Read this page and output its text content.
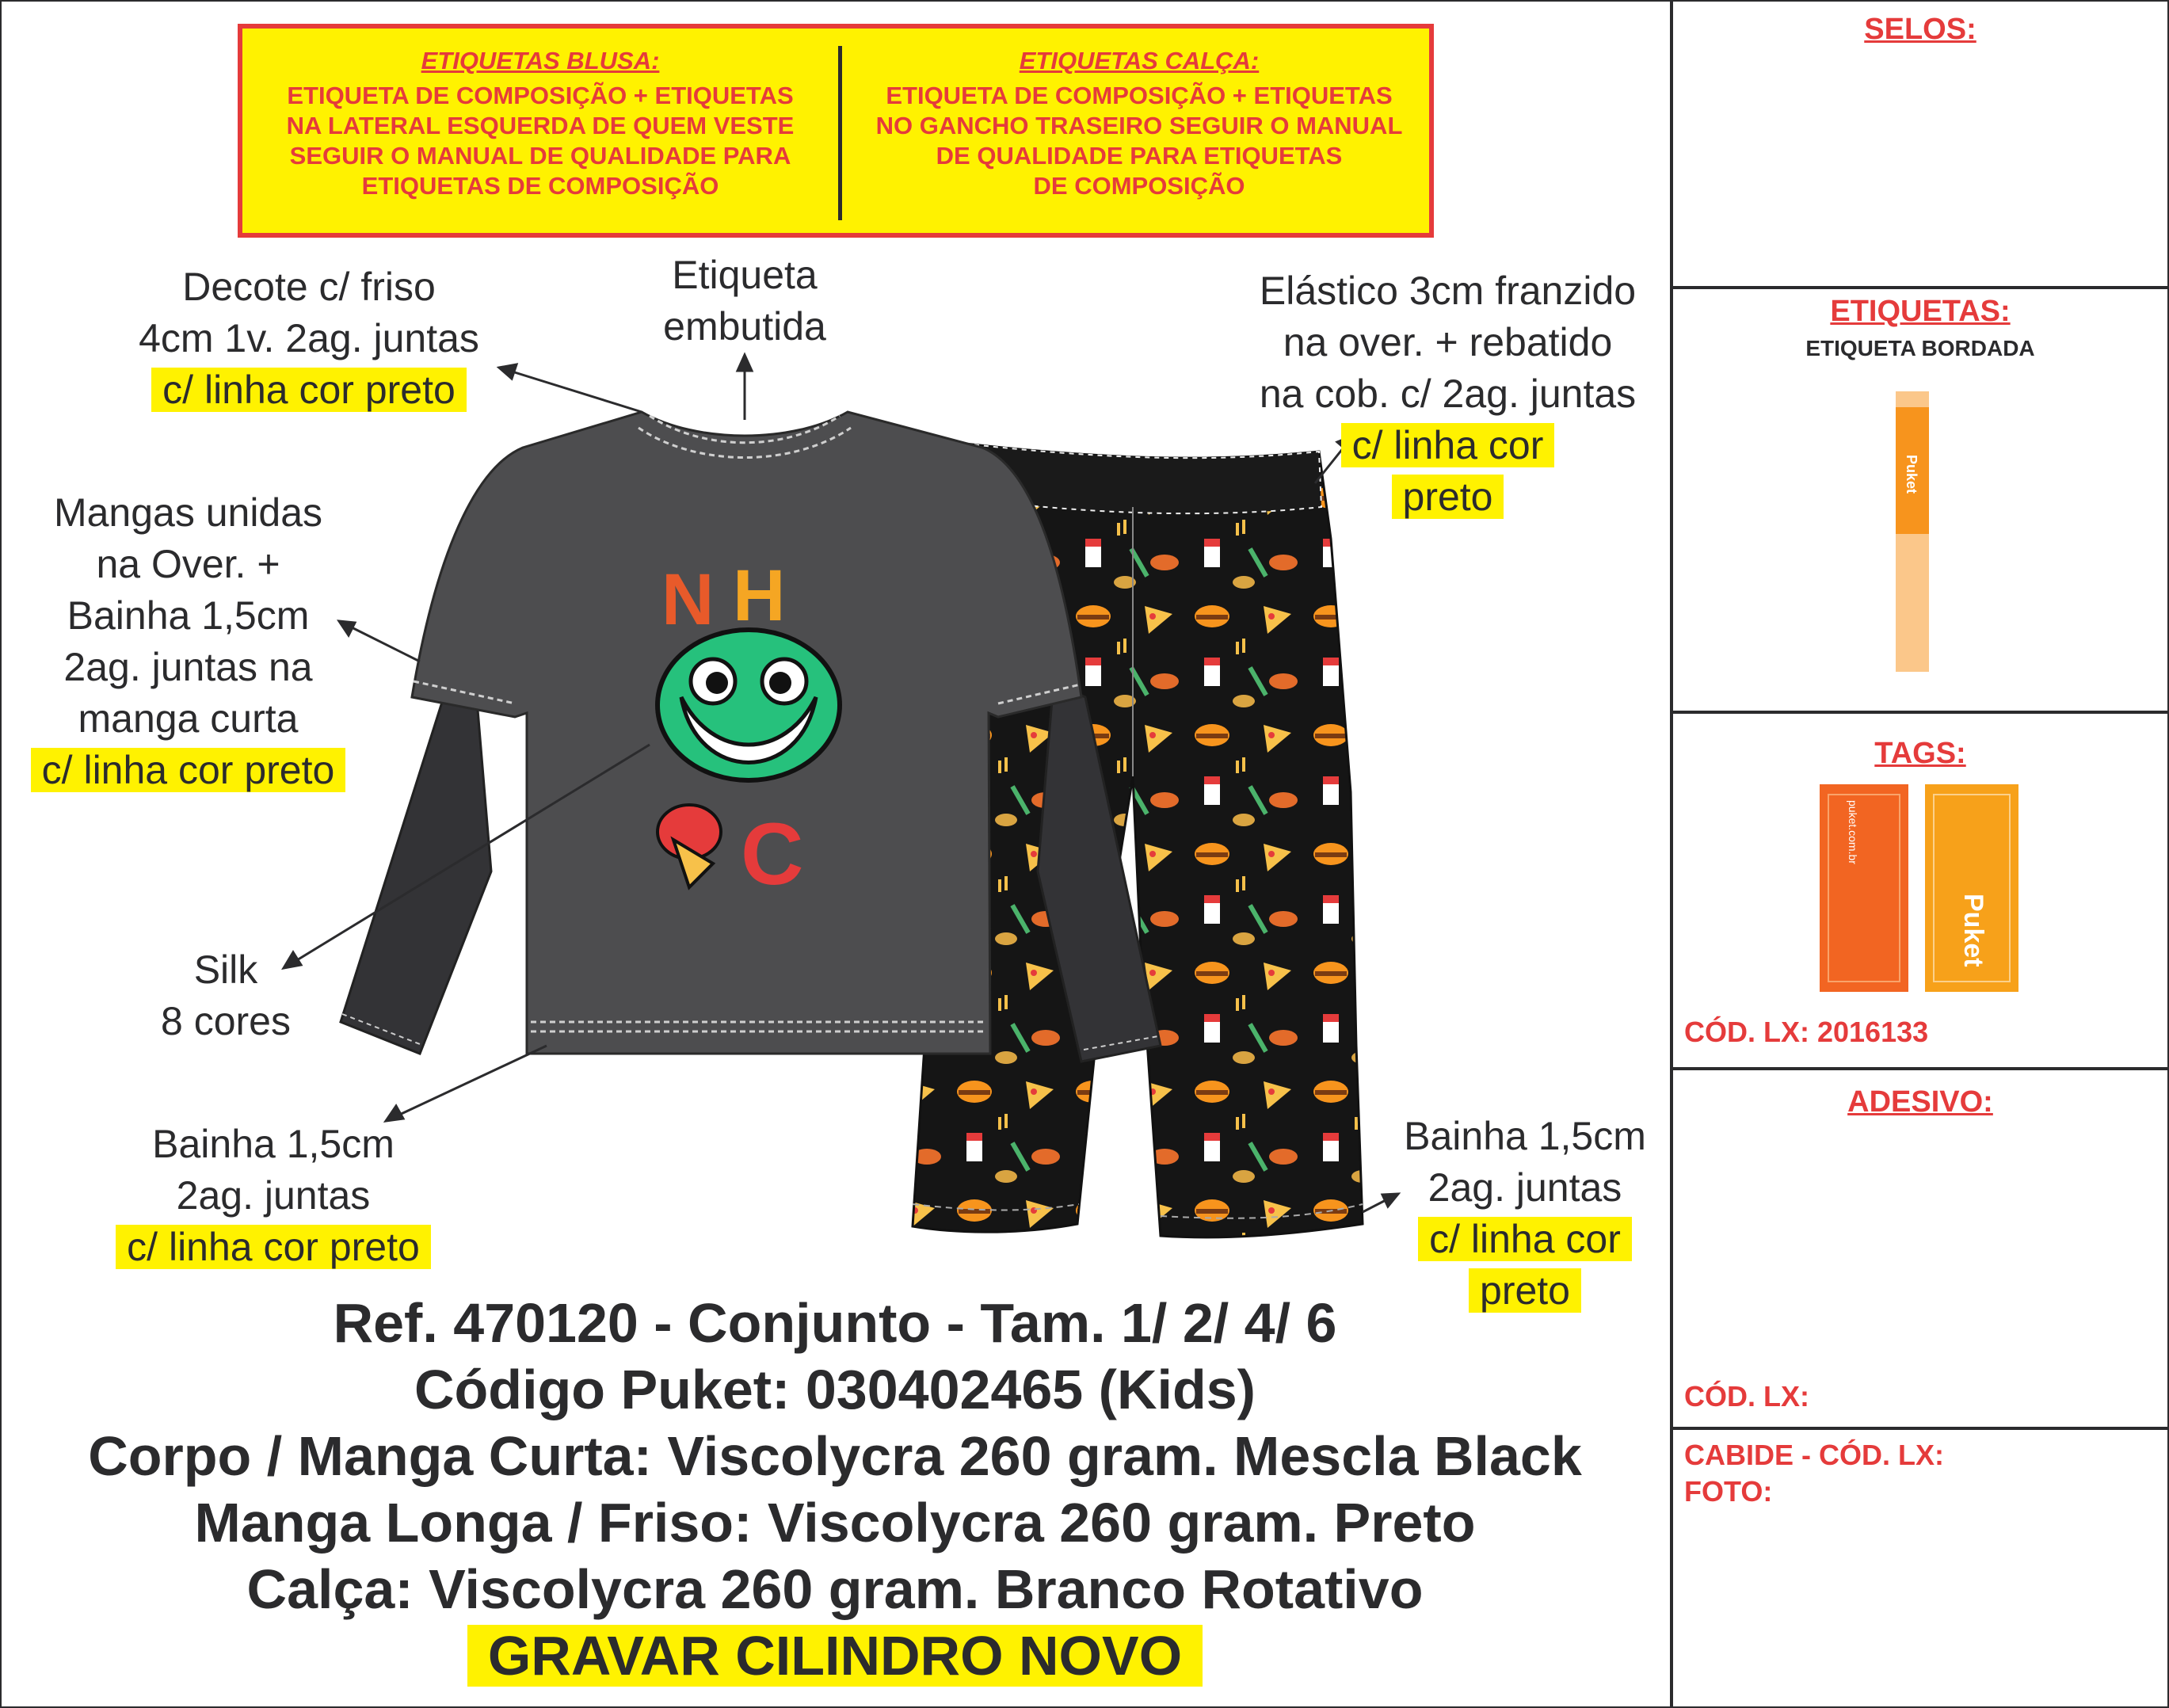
ETIQUETAS BLUSA:
ETIQUETA DE COMPOSIÇÃO + ETIQUETAS
NA LATERAL ESQUERDA DE QUEM VESTE
SEGUIR O MANUAL DE QUALIDADE PARA
ETIQUETAS DE COMPOSIÇÃO
ETIQUETAS CALÇA:
ETIQUETA DE COMPOSIÇÃO + ETIQUETAS
NO GANCHO TRASEIRO SEGUIR O MANUAL
DE QUALIDADE PARA ETIQUETAS
DE COMPOSIÇÃO
N H
C
Decote c/ friso
4cm 1v. 2ag. juntas
c/ linha cor preto
Etiqueta
embutida
Elástico 3cm franzido
na over. + rebatido
na cob. c/ 2ag. juntas
c/ linha cor
preto
Mangas unidas
na Over. +
Bainha 1,5cm
2ag. juntas na
manga curta
c/ linha cor preto
Silk
8 cores
Bainha 1,5cm
2ag. juntas
c/ linha cor preto
Bainha 1,5cm
2ag. juntas
c/ linha cor
preto
Ref. 470120 - Conjunto - Tam. 1/ 2/ 4/ 6
Código Puket: 030402465 (Kids)
Corpo / Manga Curta: Viscolycra 260 gram. Mescla Black
Manga Longa / Friso: Viscolycra 260 gram. Preto
Calça: Viscolycra 260 gram. Branco Rotativo
GRAVAR CILINDRO NOVO
SELOS:
ETIQUETAS:
ETIQUETA BORDADA
Puket
TAGS:
puket.com.br
Puket
CÓD. LX: 2016133
ADESIVO:
CÓD. LX:
CABIDE - CÓD. LX:
FOTO:
